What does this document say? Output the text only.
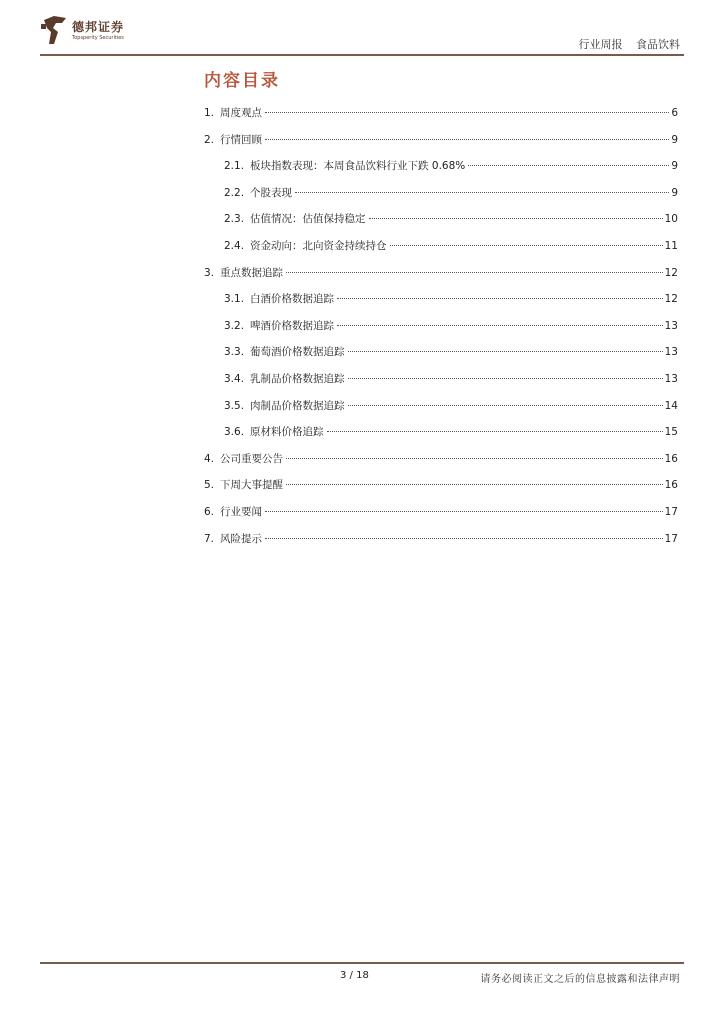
德邦证券
Topsperity Securities	行业周报 食品饮料
内容目录
1. 周度观点	6
2. 行情回顾	9
2.1. 板块指数表现：本周食品饮料行业下跌 0.68%	9
2.2. 个股表现	9
2.3. 估值情况：估值保持稳定	10
2.4. 资金动向：北向资金持续持仓	11
3. 重点数据追踪	12
3.1. 白酒价格数据追踪	12
3.2. 啤酒价格数据追踪	13
3.3. 葡萄酒价格数据追踪	13
3.4. 乳制品价格数据追踪	13
3.5. 肉制品价格数据追踪	14
3.6. 原材料价格追踪	15
4. 公司重要公告	16
5. 下周大事提醒	16
6. 行业要闻	17
7. 风险提示	17
3 / 18	请务必阅读正文之后的信息披露和法律声明
